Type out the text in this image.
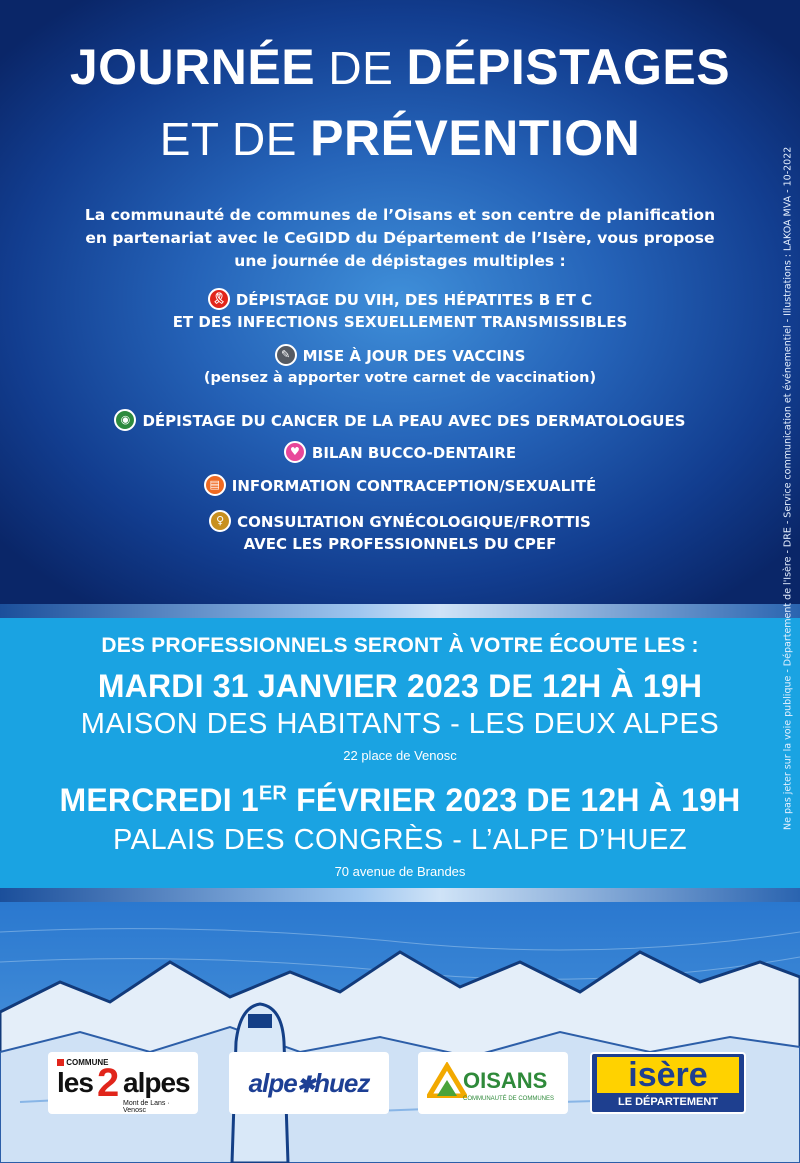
JOURNÉE DE DÉPISTAGES
ET DE PRÉVENTION
La communauté de communes de l’Oisans et son centre de planification
en partenariat avec le CeGIDD du Département de l’Isère, vous propose
une journée de dépistages multiples :
🎗 DÉPISTAGE DU VIH, DES HÉPATITES B ET C
ET DES INFECTIONS SEXUELLEMENT TRANSMISSIBLES
✎ MISE À JOUR DES VACCINS
(pensez à apporter votre carnet de vaccination)
◉ DÉPISTAGE DU CANCER DE LA PEAU AVEC DES DERMATOLOGUES
♥ BILAN BUCCO-DENTAIRE
▤ INFORMATION CONTRACEPTION/SEXUALITÉ
♀ CONSULTATION GYNÉCOLOGIQUE/FROTTIS
AVEC LES PROFESSIONNELS DU CPEF
DES PROFESSIONNELS SERONT À VOTRE ÉCOUTE LES :
MARDI 31 JANVIER 2023 DE 12H À 19H
MAISON DES HABITANTS - LES DEUX ALPES
22 place de Venosc
MERCREDI 1ER FÉVRIER 2023 DE 12H À 19H
PALAIS DES CONGRÈS - L’ALPE D’HUEZ
70 avenue de Brandes
Ne pas jeter sur la voie publique - Département de l'Isère - DRE - Service communication et événementiel - Illustrations : LAKOA MVA - 10-2022
COMMUNE
les 2 alpes
Mont de Lans · Venosc
alpe✱huez	OISANS
COMMUNAUTÉ DE COMMUNES
isère
LE DÉPARTEMENT
